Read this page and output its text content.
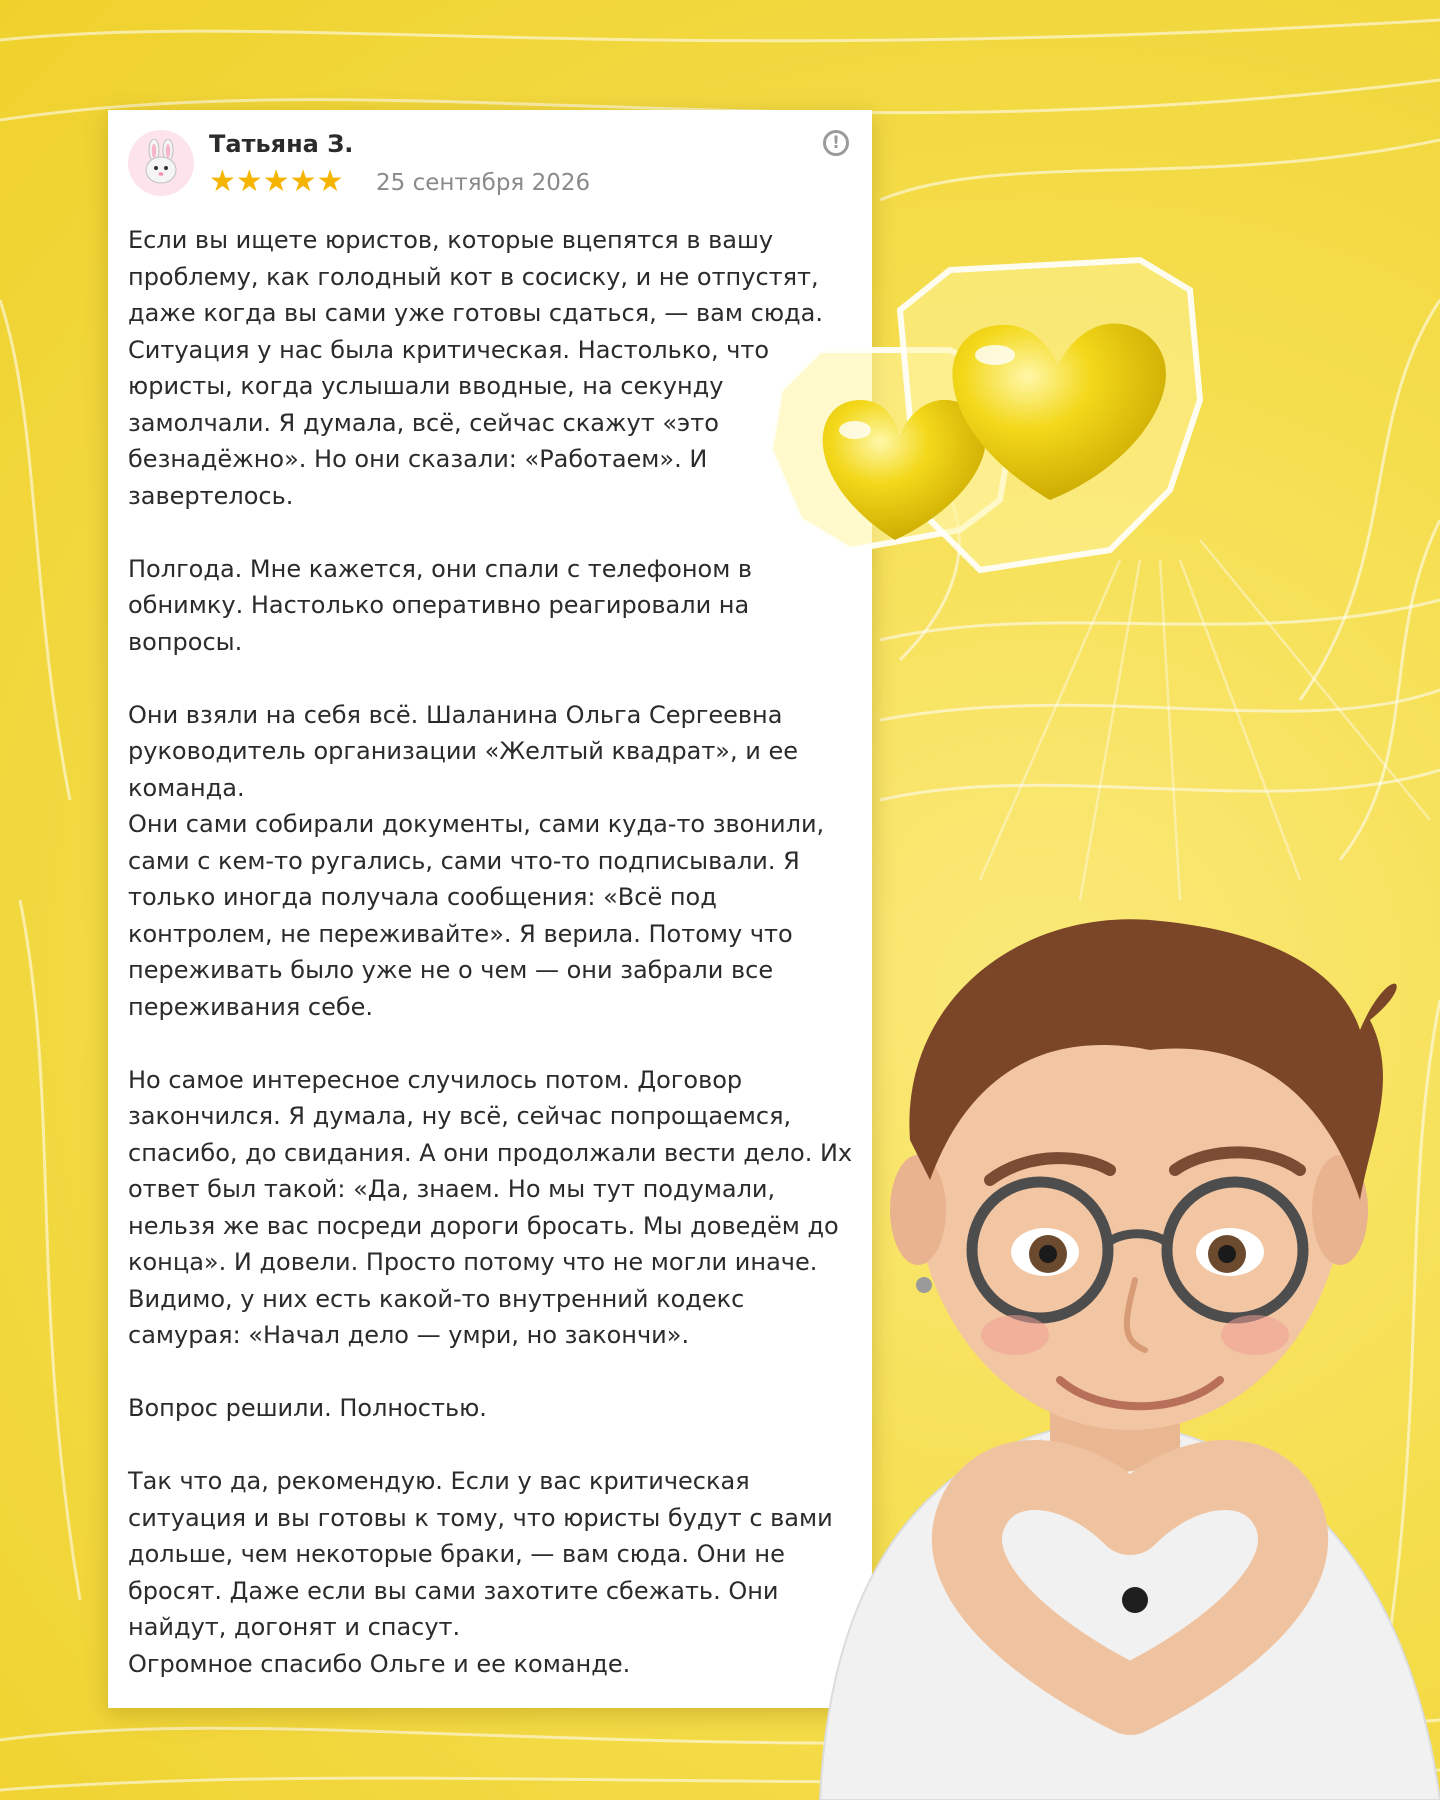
Татьяна З.
★★★★★ 25 сентября 2026
!

Если вы ищете юристов, которые вцепятся в вашу проблему, как голодный кот в сосиску, и не отпустят, даже когда вы сами уже готовы сдаться, — вам сюда. Ситуация у нас была критическая. Настолько, что юристы, когда услышали вводные, на секунду замолчали. Я думала, всё, сейчас скажут «это безнадёжно». Но они сказали: «Работаем». И завертелось.

Полгода. Мне кажется, они спали с телефоном в обнимку. Настолько оперативно реагировали на вопросы.

Они взяли на себя всё. Шаланина Ольга Сергеевна руководитель организации «Желтый квадрат», и ее команда.

Они сами собирали документы, сами куда-то звонили, сами с кем-то ругались, сами что-то подписывали. Я только иногда получала сообщения: «Всё под контролем, не переживайте». Я верила. Потому что переживать было уже не о чем — они забрали все переживания себе.

Но самое интересное случилось потом. Договор закончился. Я думала, ну всё, сейчас попрощаемся, спасибо, до свидания. А они продолжали вести дело. Их ответ был такой: «Да, знаем. Но мы тут подумали, нельзя же вас посреди дороги бросать. Мы доведём до конца». И довели. Просто потому что не могли иначе. Видимо, у них есть какой-то внутренний кодекс самурая: «Начал дело — умри, но закончи».

Вопрос решили. Полностью.

Так что да, рекомендую. Если у вас критическая ситуация и вы готовы к тому, что юристы будут с вами дольше, чем некоторые браки, — вам сюда. Они не бросят. Даже если вы сами захотите сбежать. Они найдут, догонят и спасут.

Огромное спасибо Ольге и ее команде.
